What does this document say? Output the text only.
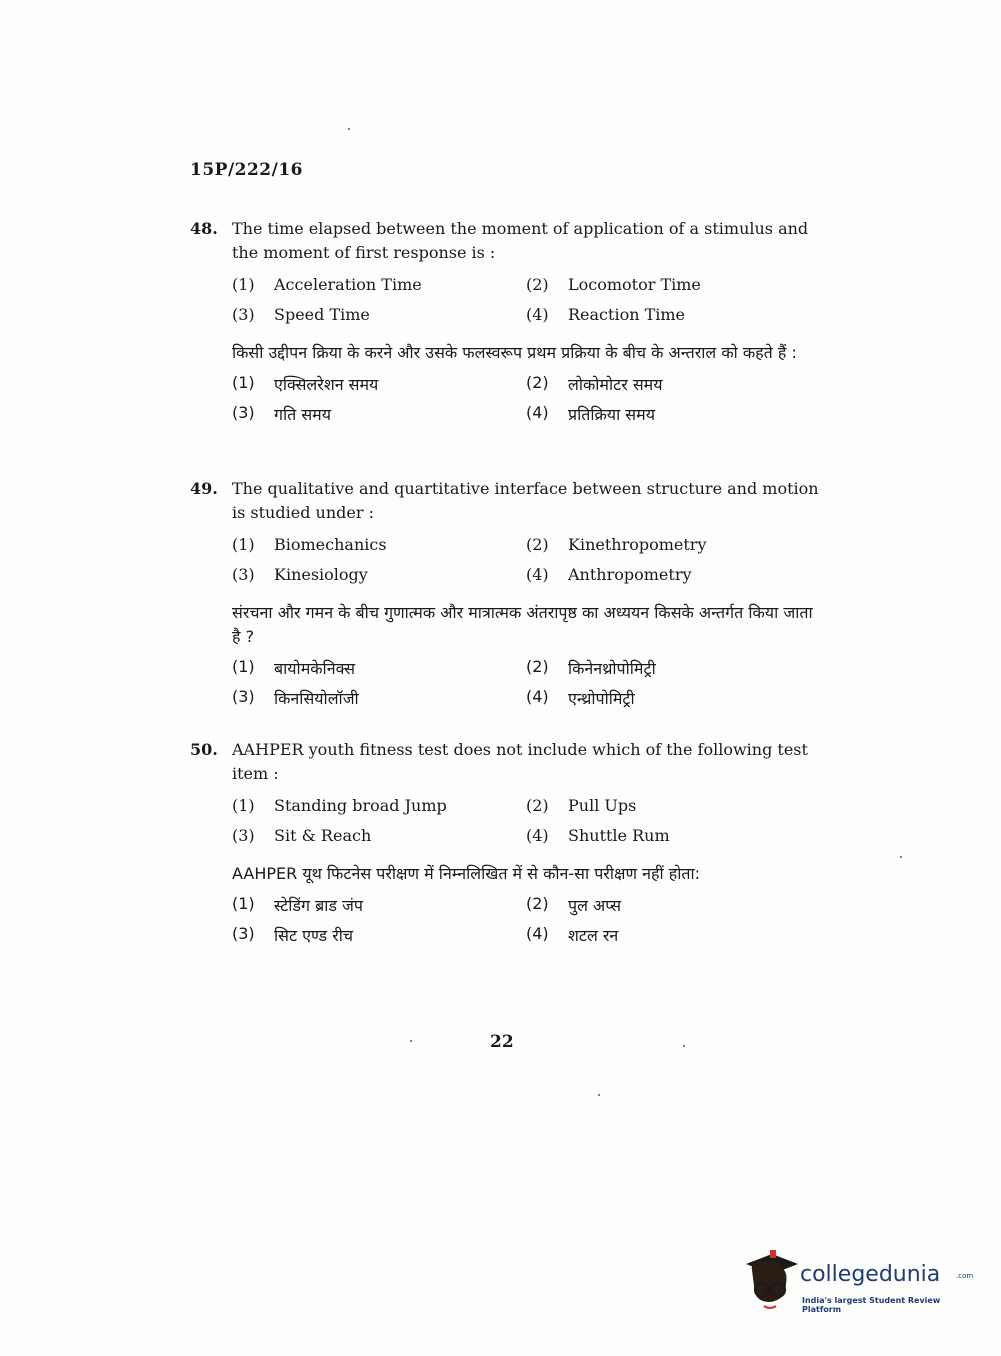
15P/222/16
48. The time elapsed between the moment of application of a stimulus and the moment of first response is :
(1)	Acceleration Time	(2)	Locomotor Time
(3)	Speed Time	(4)	Reaction Time
किसी उद्दीपन क्रिया के करने और उसके फलस्वरूप प्रथम प्रक्रिया के बीच के अन्तराल को कहते हैं :
(1)	एक्सिलरेशन समय	(2)	लोकोमोटर समय
(3)	गति समय	(4)	प्रतिक्रिया समय
49. The qualitative and quartitative interface between structure and motion is studied under :
(1)	Biomechanics	(2)	Kinethropometry
(3)	Kinesiology	(4)	Anthropometry
संरचना और गमन के बीच गुणात्मक और मात्रात्मक अंतरापृष्ठ का अध्ययन किसके अन्तर्गत किया जाता है ?
(1)	बायोमकेनिक्स	(2)	किनेनथ्रोपोमिट्री
(3)	किनसियोलॉजी	(4)	एन्थ्रोपोमिट्री
50. AAHPER youth fitness test does not include which of the following test item :
(1)	Standing broad Jump	(2)	Pull Ups
(3)	Sit & Reach	(4)	Shuttle Rum
AAHPER यूथ फिटनेस परीक्षण में निम्नलिखित में से कौन-सा परीक्षण नहीं होता:
(1)	स्टेडिंग ब्राड जंप	(2)	पुल अप्स
(3)	सिट एण्ड रीच	(4)	शटल रन
22
collegedunia .com
India's largest Student Review Platform
